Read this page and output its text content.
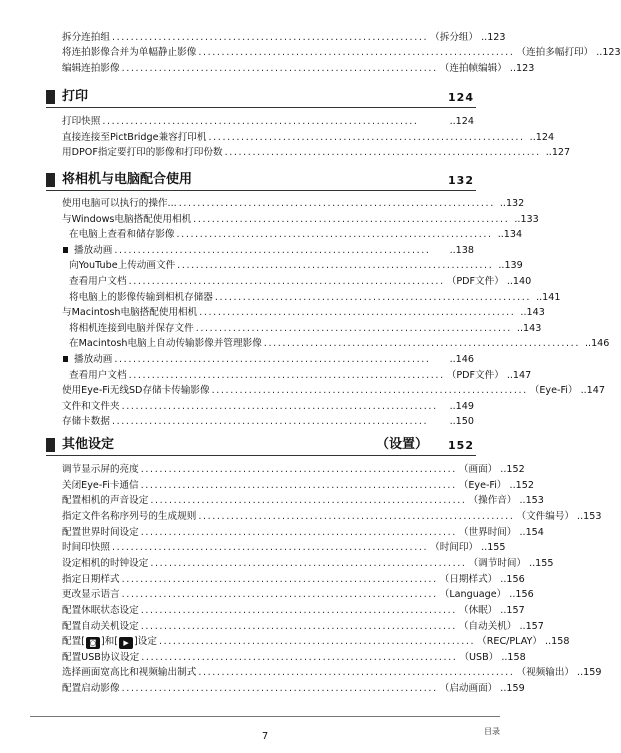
拆分连拍组 .................................................................... （拆分组） ..123
将连拍影像合并为单幅静止影像 .................................................................... （连拍多幅打印） ..123
编辑连拍影像 .................................................................... （连拍帧编辑） ..123
打印	124
打印快照 ....................................................................	..124
直接连接至PictBridge兼容打印机 .................................................................... ..124
用DPOF指定要打印的影像和打印份数 .................................................................... ..127
将相机与电脑配合使用	132
使用电脑可以执行的操作... .................................................................... ..132
与Windows电脑搭配使用相机 .................................................................... ..133
在电脑上查看和储存影像 .................................................................... ..134
播放动画 ....................................................................	..138
向YouTube上传动画文件 .................................................................... ..139
查看用户文档 .................................................................... （PDF文件） ..140
将电脑上的影像传输到相机存储器 .................................................................... ..141
与Macintosh电脑搭配使用相机 .................................................................... ..143
将相机连接到电脑并保存文件 .................................................................... ..143
在Macintosh电脑上自动传输影像并管理影像 .................................................................... ..146
播放动画 ....................................................................	..146
查看用户文档 .................................................................... （PDF文件） ..147
使用Eye-Fi无线SD存储卡传输影像 .................................................................... （Eye-Fi） ..147
文件和文件夹 ....................................................................	..149
存储卡数据 ....................................................................	..150
其他设定	（设置） 152
调节显示屏的亮度 .................................................................... （画面） ..152
关闭Eye-Fi卡通信 .................................................................... （Eye-Fi） ..152
配置相机的声音设定 .................................................................... （操作音） ..153
指定文件名称序列号的生成规则 .................................................................... （文件编号） ..153
配置世界时间设定 .................................................................... （世界时间） ..154
时间印快照 .................................................................... （时间印） ..155
设定相机的时钟设定 .................................................................... （调节时间） ..155
指定日期样式 .................................................................... （日期样式） ..156
更改显示语言 .................................................................... （Language） ..156
配置休眠状态设定 .................................................................... （休眠） ..157
配置自动关机设定 .................................................................... （自动关机） ..157
配置[ ◙ ]和[ ▶ ]设定 .................................................................... （REC/PLAY） ..158
配置USB协议设定 .................................................................... （USB） ..158
选择画面宽高比和视频输出制式 .................................................................... （视频输出） ..159
配置启动影像 .................................................................... （启动画面） ..159
7	目录
